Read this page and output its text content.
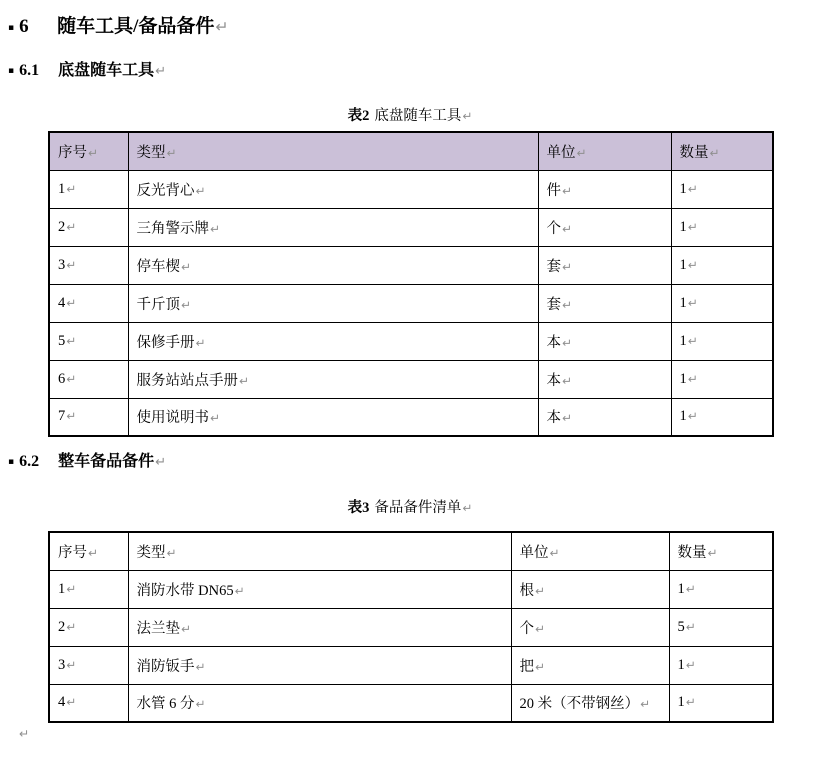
▪ 6 随车工具/备品备件↵
▪ 6.1 底盘随车工具↵
表2 底盘随车工具↵
序号↵	类型↵	单位↵	数量↵
1↵	反光背心↵	件↵	1↵
2↵	三角警示牌↵	个↵	1↵
3↵	停车楔↵	套↵	1↵
4↵	千斤顶↵	套↵	1↵
5↵	保修手册↵	本↵	1↵
6↵	服务站站点手册↵	本↵	1↵
7↵	使用说明书↵	本↵	1↵
▪ 6.2 整车备品备件↵
表3 备品备件清单↵
序号↵	类型↵	单位↵	数量↵
1↵	消防水带 DN65↵	根↵	1↵
2↵	法兰垫↵	个↵	5↵
3↵	消防钣手↵	把↵	1↵
4↵	水管 6 分↵	20 米（不带钢丝）↵	1↵
↵
